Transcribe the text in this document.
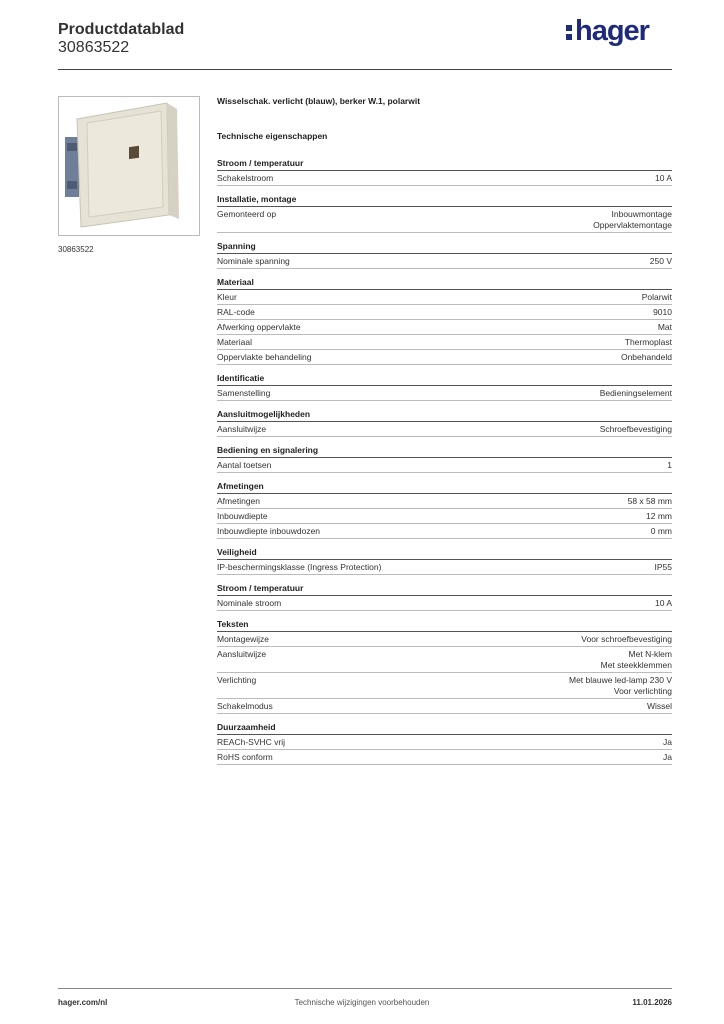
Productdatablad
30863522
hager
30863522
Wisselschak. verlicht (blauw), berker W.1, polarwit
Technische eigenschappen
Stroom / temperatuur
Schakelstroom	10 A
Installatie, montage
Gemonteerd op	Inbouwmontage
Oppervlaktemontage
Spanning
Nominale spanning	250 V
Materiaal
Kleur	Polarwit
RAL-code	9010
Afwerking oppervlakte	Mat
Materiaal	Thermoplast
Oppervlakte behandeling	Onbehandeld
Identificatie
Samenstelling	Bedieningselement
Aansluitmogelijkheden
Aansluitwijze	Schroefbevestiging
Bediening en signalering
Aantal toetsen	1
Afmetingen
Afmetingen	58 x 58 mm
Inbouwdiepte	12 mm
Inbouwdiepte inbouwdozen	0 mm
Veiligheid
IP-beschermingsklasse (Ingress Protection)	IP55
Stroom / temperatuur
Nominale stroom	10 A
Teksten
Montagewijze	Voor schroefbevestiging
Aansluitwijze	Met N-klem
Met steekklemmen
Verlichting	Met blauwe led-lamp 230 V
Voor verlichting
Schakelmodus	Wissel
Duurzaamheid
REACh-SVHC vrij	Ja
RoHS conform	Ja
hager.com/nl	Technische wijzigingen voorbehouden	11.01.2026
